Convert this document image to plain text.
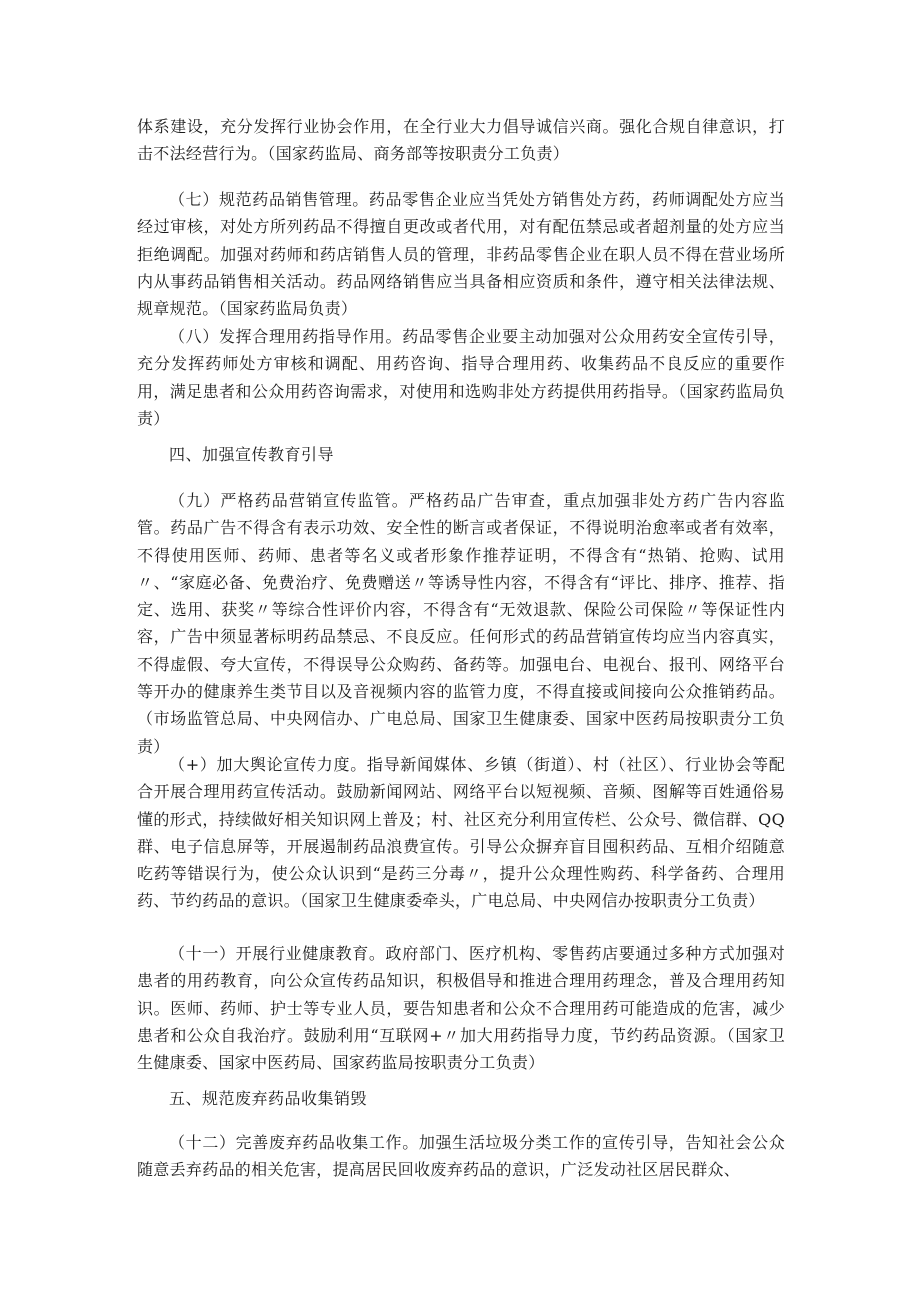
体系建设，充分发挥行业协会作用，在全行业大力倡导诚信兴商。强化合规自律意识，打击不法经营行为。（国家药监局、商务部等按职责分工负责）

（七）规范药品销售管理。药品零售企业应当凭处方销售处方药，药师调配处方应当经过审核，对处方所列药品不得擅自更改或者代用，对有配伍禁忌或者超剂量的处方应当拒绝调配。加强对药师和药店销售人员的管理，非药品零售企业在职人员不得在营业场所内从事药品销售相关活动。药品网络销售应当具备相应资质和条件，遵守相关法律法规、规章规范。（国家药监局负责）

（八）发挥合理用药指导作用。药品零售企业要主动加强对公众用药安全宣传引导，充分发挥药师处方审核和调配、用药咨询、指导合理用药、收集药品不良反应的重要作用，满足患者和公众用药咨询需求，对使用和选购非处方药提供用药指导。（国家药监局负责）

四、加强宣传教育引导

（九）严格药品营销宣传监管。严格药品广告审查，重点加强非处方药广告内容监管。药品广告不得含有表示功效、安全性的断言或者保证，不得说明治愈率或者有效率，不得使用医师、药师、患者等名义或者形象作推荐证明，不得含有“热销、抢购、试用〃、“家庭必备、免费治疗、免费赠送〃等诱导性内容，不得含有“评比、排序、推荐、指定、选用、获奖〃等综合性评价内容，不得含有“无效退款、保险公司保险〃等保证性内容，广告中须显著标明药品禁忌、不良反应。任何形式的药品营销宣传均应当内容真实，不得虚假、夸大宣传，不得误导公众购药、备药等。加强电台、电视台、报刊、网络平台等开办的健康养生类节目以及音视频内容的监管力度，不得直接或间接向公众推销药品。（市场监管总局、中央网信办、广电总局、国家卫生健康委、国家中医药局按职责分工负责）

（+）加大舆论宣传力度。指导新闻媒体、乡镇（街道）、村（社区）、行业协会等配合开展合理用药宣传活动。鼓励新闻网站、网络平台以短视频、音频、图解等百姓通俗易懂的形式，持续做好相关知识网上普及；村、社区充分利用宣传栏、公众号、微信群、QQ群、电子信息屏等，开展遏制药品浪费宣传。引导公众摒弃盲目囤积药品、互相介绍随意吃药等错误行为，使公众认识到“是药三分毒〃，提升公众理性购药、科学备药、合理用药、节约药品的意识。（国家卫生健康委牵头，广电总局、中央网信办按职责分工负责）

（十一）开展行业健康教育。政府部门、医疗机构、零售药店要通过多种方式加强对患者的用药教育，向公众宣传药品知识，积极倡导和推进合理用药理念，普及合理用药知识。医师、药师、护士等专业人员，要告知患者和公众不合理用药可能造成的危害，减少患者和公众自我治疗。鼓励利用“互联网+〃加大用药指导力度，节约药品资源。（国家卫生健康委、国家中医药局、国家药监局按职责分工负责）

五、规范废弃药品收集销毁

（十二）完善废弃药品收集工作。加强生活垃圾分类工作的宣传引导，告知社会公众随意丢弃药品的相关危害，提高居民回收废弃药品的意识，广泛发动社区居民群众、
